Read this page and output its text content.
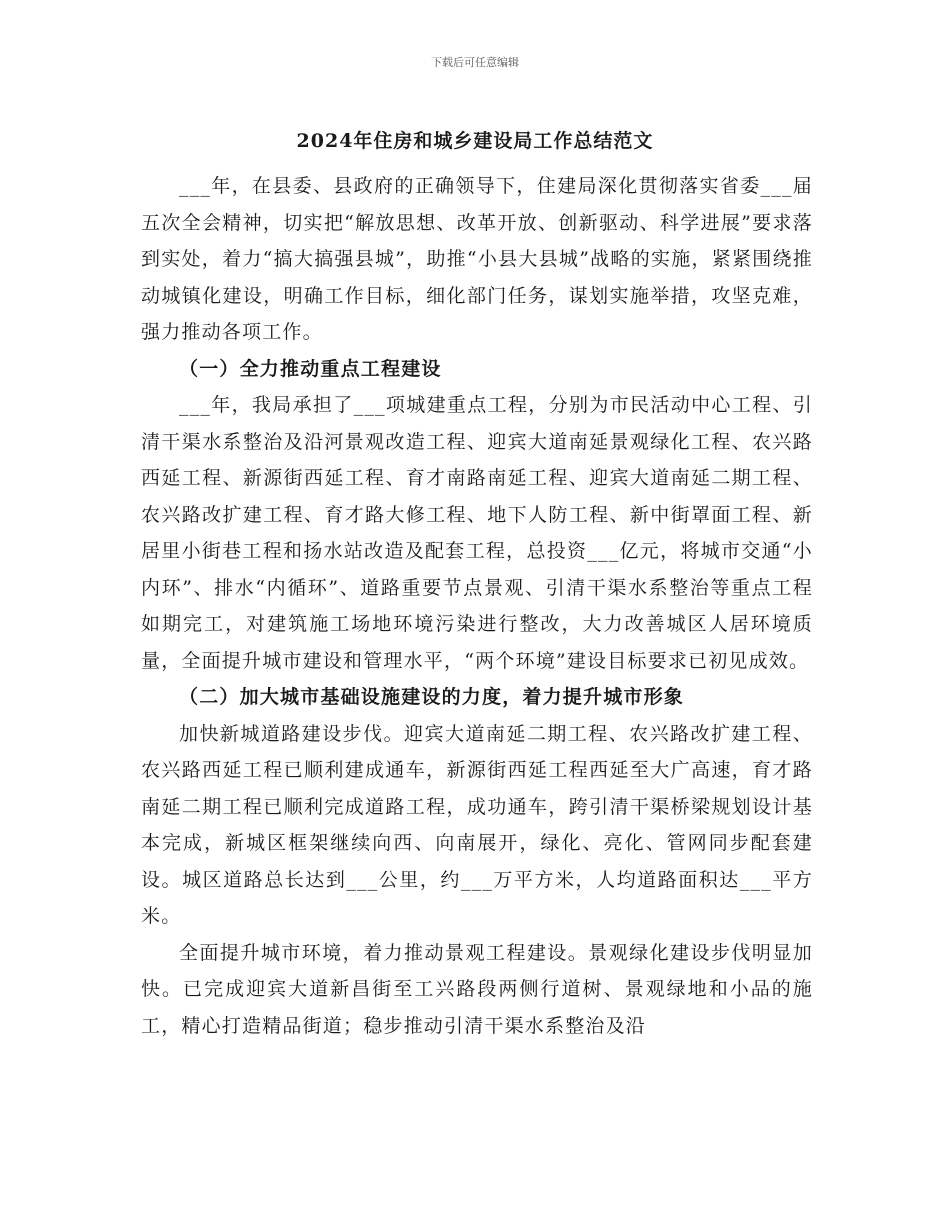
下载后可任意编辑
2024年住房和城乡建设局工作总结范文

___年，在县委、县政府的正确领导下，住建局深化贯彻落实省委___届五次全会精神，切实把“解放思想、改革开放、创新驱动、科学进展”要求落到实处，着力“搞大搞强县城”，助推“小县大县城”战略的实施，紧紧围绕推动城镇化建设，明确工作目标，细化部门任务，谋划实施举措，攻坚克难，强力推动各项工作。

（一）全力推动重点工程建设

___年，我局承担了___项城建重点工程，分别为市民活动中心工程、引清干渠水系整治及沿河景观改造工程、迎宾大道南延景观绿化工程、农兴路西延工程、新源街西延工程、育才南路南延工程、迎宾大道南延二期工程、农兴路改扩建工程、育才路大修工程、地下人防工程、新中街罩面工程、新居里小街巷工程和扬水站改造及配套工程，总投资___亿元，将城市交通“小内环”、排水“内循环”、道路重要节点景观、引清干渠水系整治等重点工程如期完工，对建筑施工场地环境污染进行整改，大力改善城区人居环境质量，全面提升城市建设和管理水平，“两个环境”建设目标要求已初见成效。

（二）加大城市基础设施建设的力度，着力提升城市形象

加快新城道路建设步伐。迎宾大道南延二期工程、农兴路改扩建工程、农兴路西延工程已顺利建成通车，新源街西延工程西延至大广高速，育才路南延二期工程已顺利完成道路工程，成功通车，跨引清干渠桥梁规划设计基本完成，新城区框架继续向西、向南展开，绿化、亮化、管网同步配套建设。城区道路总长达到___公里，约___万平方米，人均道路面积达___平方米。

全面提升城市环境，着力推动景观工程建设。景观绿化建设步伐明显加快。已完成迎宾大道新昌街至工兴路段两侧行道树、景观绿地和小品的施工，精心打造精品街道；稳步推动引清干渠水系整治及沿
